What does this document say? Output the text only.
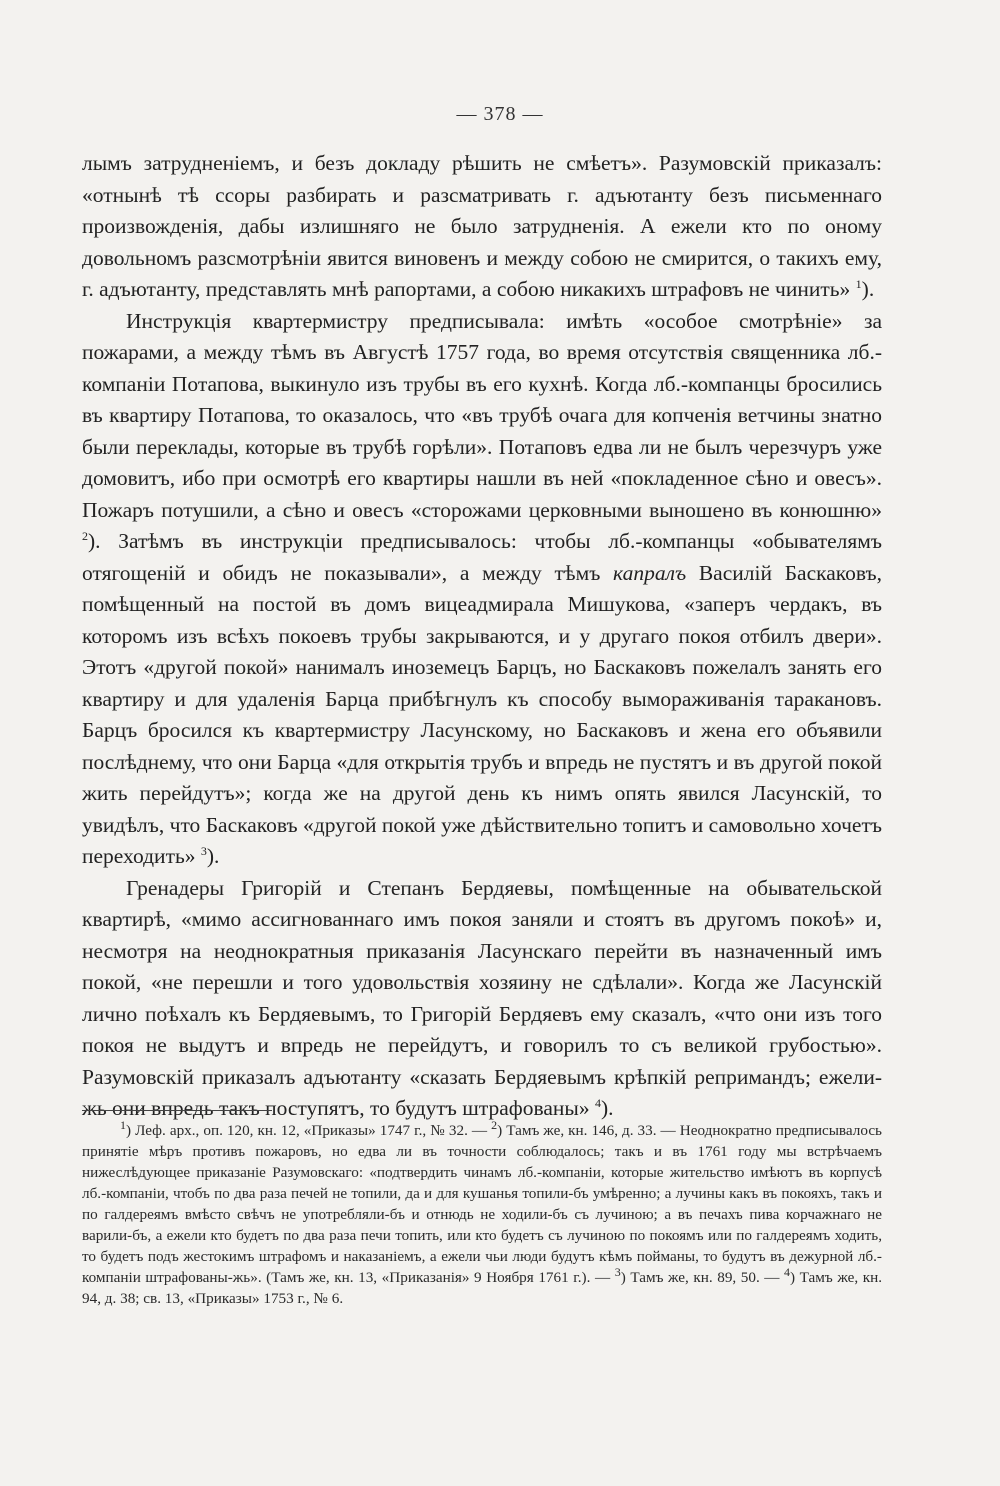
— 378 —

лымъ затрудненіемъ, и безъ докладу рѣшить не смѣетъ». Разумовскій приказалъ: «отнынѣ тѣ ссоры разбирать и разсматривать г. адъютанту безъ письменнаго произвожденія, дабы излишняго не было затрудненія. А ежели кто по оному довольномъ разсмотрѣніи явится виновенъ и между собою не смирится, о такихъ ему, г. адъютанту, представлять мнѣ рапортами, а собою никакихъ штрафовъ не чинить» $^1$).

Инструкція квартермистру предписывала: имѣть «особое смотрѣніе» за пожарами, а между тѣмъ въ Августѣ 1757 года, во время отсутствія священника лб.-компаніи Потапова, выкинуло изъ трубы въ его кухнѣ. Когда лб.-компанцы бросились въ квартиру Потапова, то оказалось, что «въ трубѣ очага для копченія ветчины знатно были переклады, которые въ трубѣ горѣли». Потаповъ едва ли не былъ черезчуръ уже домовитъ, ибо при осмотрѣ его квартиры нашли въ ней «покладенное сѣно и овесъ». Пожаръ потушили, а сѣно и овесъ «сторожами церковными выношено въ конюшню» $^2$). Затѣмъ въ инструкціи предписывалось: чтобы лб.-компанцы «обывателямъ отягощеній и обидъ не показывали», а между тѣмъ капралъ Василій Баскаковъ, помѣщенный на постой въ домъ вицеадмирала Мишукова, «заперъ чердакъ, въ которомъ изъ всѣхъ покоевъ трубы закрываются, и у другаго покоя отбилъ двери». Этотъ «другой покой» нанималъ иноземецъ Барцъ, но Баскаковъ пожелалъ занять его квартиру и для удаленія Барца прибѣгнулъ къ способу вымораживанія таракановъ. Барцъ бросился къ квартермистру Ласунскому, но Баскаковъ и жена его объявили послѣднему, что они Барца «для открытія трубъ и впредь не пустятъ и въ другой покой жить перейдутъ»; когда же на другой день къ нимъ опять явился Ласунскій, то увидѣлъ, что Баскаковъ «другой покой уже дѣйствительно топитъ и самовольно хочетъ переходить» $^3$).

Гренадеры Григорій и Степанъ Бердяевы, помѣщенные на обывательской квартирѣ, «мимо ассигнованнаго имъ покоя заняли и стоятъ въ другомъ покоѣ» и, несмотря на неоднократныя приказанія Ласунскаго перейти въ назначенный имъ покой, «не перешли и того удовольствія хозяину не сдѣлали». Когда же Ласунскій лично поѣхалъ къ Бердяевымъ, то Григорій Бердяевъ ему сказалъ, «что они изъ того покоя не выдутъ и впредь не перейдутъ, и говорилъ то съ великой грубостью». Разумовскій приказалъ адъютанту «сказать Бердяевымъ крѣпкій репримандъ; ежели-жь они впредь такъ поступятъ, то будутъ штрафованы» $^4$).

$^1$) Леф. арх., оп. 120, кн. 12, «Приказы» 1747 г., № 32. — $^2$) Тамъ же, кн. 146, д. 33. — Неоднократно предписывалось принятіе мѣръ противъ пожаровъ, но едва ли въ точности соблюдалось; такъ и въ 1761 году мы встрѣчаемъ нижеслѣдующее приказаніе Разумовскаго: «подтвердить чинамъ лб.-компаніи, которые жительство имѣютъ въ корпусѣ лб.-компаніи, чтобъ по два раза печей не топили, да и для кушанья топили-бъ умѣренно; а лучины какъ въ покояхъ, такъ и по галдереямъ вмѣсто свѣчъ не употребляли-бъ и отнюдь не ходили-бъ съ лучиною; а въ печахъ пива корчажнаго не варили-бъ, а ежели кто будетъ по два раза печи топить, или кто будетъ съ лучиною по покоямъ или по галдереямъ ходить, то будетъ подъ жестокимъ штрафомъ и наказаніемъ, а ежели чьи люди будутъ кѣмъ пойманы, то будутъ въ дежурной лб.-компаніи штрафованы-жь». (Тамъ же, кн. 13, «Приказанія» 9 Ноября 1761 г.). — $^3$) Тамъ же, кн. 89, 50. — $^4$) Тамъ же, кн. 94, д. 38; св. 13, «Приказы» 1753 г., № 6.
